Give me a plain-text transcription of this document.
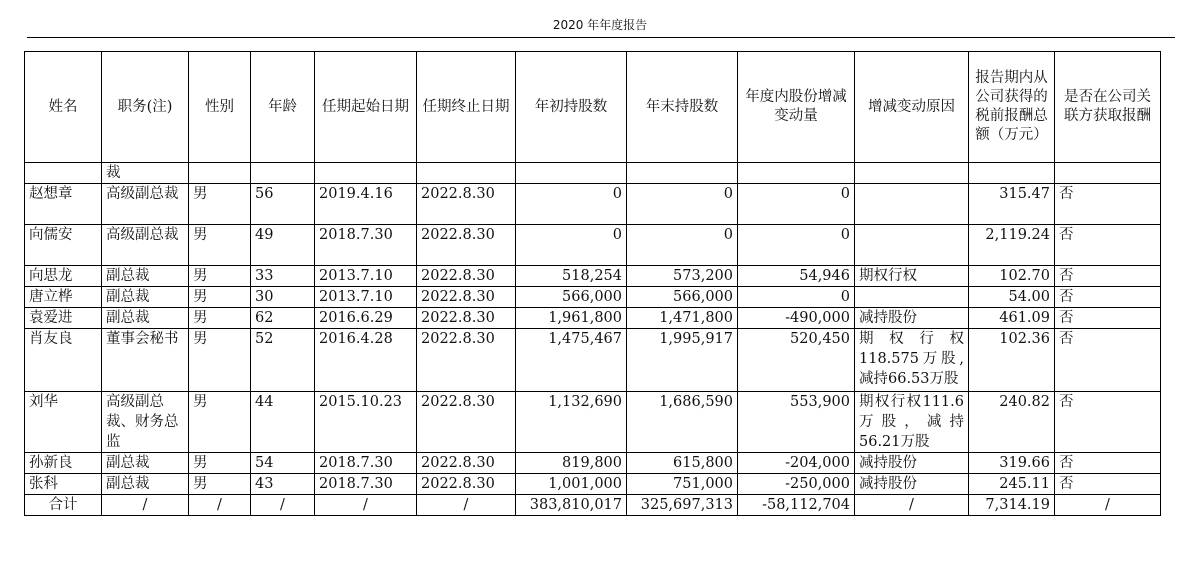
2020 年年度报告
姓名	职务(注)	性别	年龄	任期起始日期	任期终止日期	年初持股数	年末持股数	年度内股份增减变动量	增减变动原因	报告期内从公司获得的税前报酬总额（万元）	是否在公司关联方获取报酬
	裁										
赵想章	高级副总裁	男	56	2019.4.16	2022.8.30	0	0	0		315.47	否
向儒安	高级副总裁	男	49	2018.7.30	2022.8.30	0	0	0		2,119.24	否
向思龙	副总裁	男	33	2013.7.10	2022.8.30	518,254	573,200	54,946	期权行权	102.70	否
唐立桦	副总裁	男	30	2013.7.10	2022.8.30	566,000	566,000	0		54.00	否
袁爱进	副总裁	男	62	2016.6.29	2022.8.30	1,961,800	1,471,800	-490,000	减持股份	461.09	否
肖友良	董事会秘书	男	52	2016.4.28	2022.8.30	1,475,467	1,995,917	520,450	期权行权118.575万股,减持66.53万股	102.36	否
刘华	高级副总裁、财务总监	男	44	2015.10.23	2022.8.30	1,132,690	1,686,590	553,900	期权行权111.6万股，减持56.21万股	240.82	否
孙新良	副总裁	男	54	2018.7.30	2022.8.30	819,800	615,800	-204,000	减持股份	319.66	否
张科	副总裁	男	43	2018.7.30	2022.8.30	1,001,000	751,000	-250,000	减持股份	245.11	否
合计	/	/	/	/	/	383,810,017	325,697,313	-58,112,704	/	7,314.19	/
